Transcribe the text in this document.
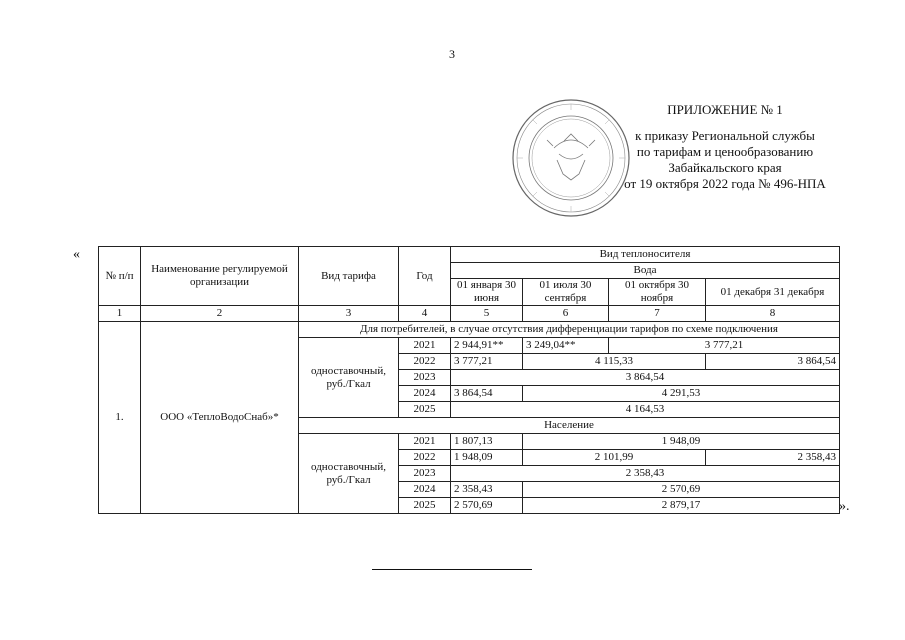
3
ПРИЛОЖЕНИЕ № 1
к приказу Региональной службы
по тарифам и ценообразованию
Забайкальского края
от 19 октября 2022 года № 496-НПА
«
№ п/п	Наименование регулируемой организации	Вид тарифа	Год	Вид теплоносителя			
				Вода			
				01 января 30 июня	01 июля 30 сентября	01 октября 30 ноября	01 декабря 31 декабря
1	2	3	4	5	6	7	8
1.	ООО «ТеплоВодоСнаб»*	Для потребителей, в случае отсутствия дифференциации тарифов по схеме подключения					
		одноставочный, руб./Гкал	2021	2 944,91**	3 249,04**	3 777,21	
			2022	3 777,21	4 115,33		3 864,54
			2023	3 864,54			
			2024	3 864,54	4 291,53		
			2025	4 164,53			
		Население					
		одноставочный, руб./Гкал	2021	1 807,13	1 948,09		
			2022	1 948,09	2 101,99		2 358,43
			2023	2 358,43			
			2024	2 358,43	2 570,69		
			2025	2 570,69	2 879,17			».
